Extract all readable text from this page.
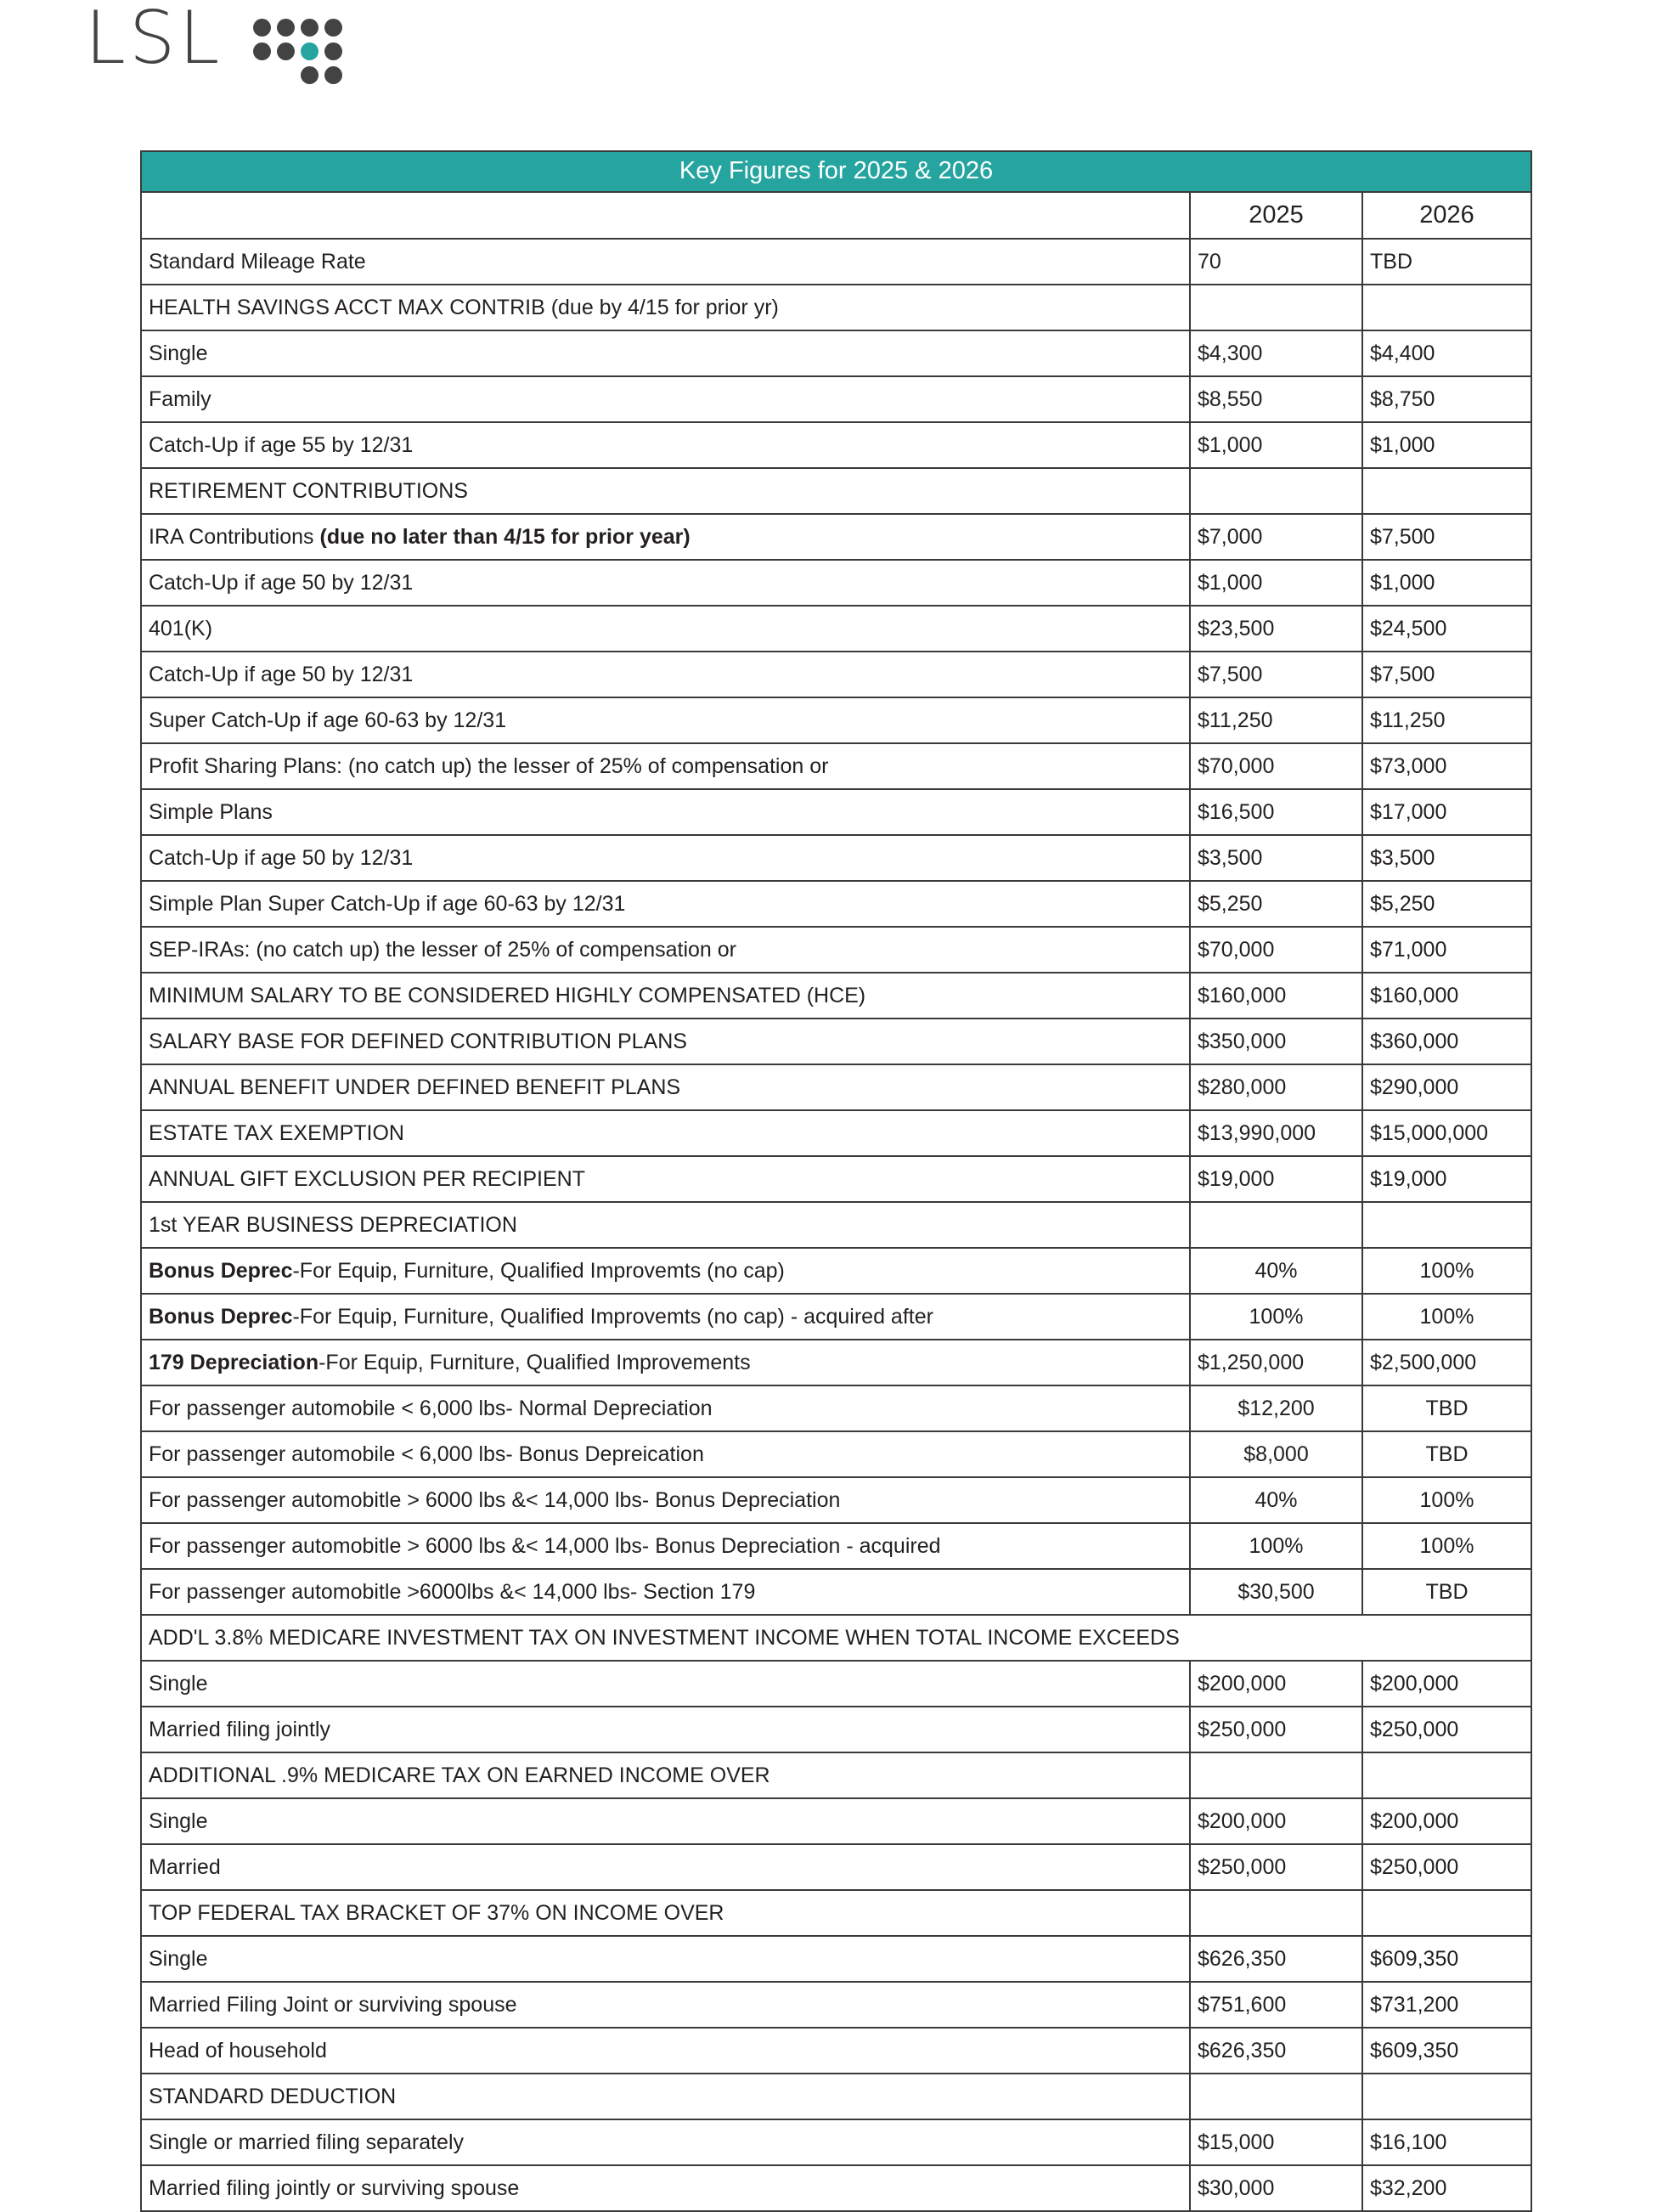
LSL
Key Figures for 2025 & 2026		
	2025	2026
Standard Mileage Rate	70	TBD
HEALTH SAVINGS ACCT MAX CONTRIB (due by 4/15 for prior yr)		
Single	$4,300	$4,400
Family	$8,550	$8,750
Catch-Up if age 55 by 12/31	$1,000	$1,000
RETIREMENT CONTRIBUTIONS		
IRA Contributions (due no later than 4/15 for prior year)	$7,000	$7,500
Catch-Up if age 50 by 12/31	$1,000	$1,000
401(K)	$23,500	$24,500
Catch-Up if age 50 by 12/31	$7,500	$7,500
Super Catch-Up if age 60-63 by 12/31	$11,250	$11,250
Profit Sharing Plans: (no catch up) the lesser of 25% of compensation or	$70,000	$73,000
Simple Plans	$16,500	$17,000
Catch-Up if age 50 by 12/31	$3,500	$3,500
Simple Plan Super Catch-Up if age 60-63 by 12/31	$5,250	$5,250
SEP-IRAs: (no catch up) the lesser of 25% of compensation or	$70,000	$71,000
MINIMUM SALARY TO BE CONSIDERED HIGHLY COMPENSATED (HCE)	$160,000	$160,000
SALARY BASE FOR DEFINED CONTRIBUTION PLANS	$350,000	$360,000
ANNUAL BENEFIT UNDER DEFINED BENEFIT PLANS	$280,000	$290,000
ESTATE TAX EXEMPTION	$13,990,000	$15,000,000
ANNUAL GIFT EXCLUSION PER RECIPIENT	$19,000	$19,000
1st YEAR BUSINESS DEPRECIATION		
Bonus Deprec-For Equip, Furniture, Qualified Improvemts (no cap)	40%	100%
Bonus Deprec-For Equip, Furniture, Qualified Improvemts (no cap) - acquired after	100%	100%
179 Depreciation-For Equip, Furniture, Qualified Improvements	$1,250,000	$2,500,000
For passenger automobile < 6,000 lbs- Normal Depreciation	$12,200	TBD
For passenger automobile < 6,000 lbs- Bonus Depreication	$8,000	TBD
For passenger automobitle > 6000 lbs &< 14,000 lbs- Bonus Depreciation	40%	100%
For passenger automobitle > 6000 lbs &< 14,000 lbs- Bonus Depreciation - acquired	100%	100%
For passenger automobitle >6000lbs &< 14,000 lbs- Section 179	$30,500	TBD
ADD'L 3.8% MEDICARE INVESTMENT TAX ON INVESTMENT INCOME WHEN TOTAL INCOME EXCEEDS		
Single	$200,000	$200,000
Married filing jointly	$250,000	$250,000
ADDITIONAL .9% MEDICARE TAX ON EARNED INCOME OVER		
Single	$200,000	$200,000
Married	$250,000	$250,000
TOP FEDERAL TAX BRACKET OF 37% ON INCOME OVER		
Single	$626,350	$609,350
Married Filing Joint or surviving spouse	$751,600	$731,200
Head of household	$626,350	$609,350
STANDARD DEDUCTION		
Single or married filing separately	$15,000	$16,100
Married filing jointly or surviving spouse	$30,000	$32,200
